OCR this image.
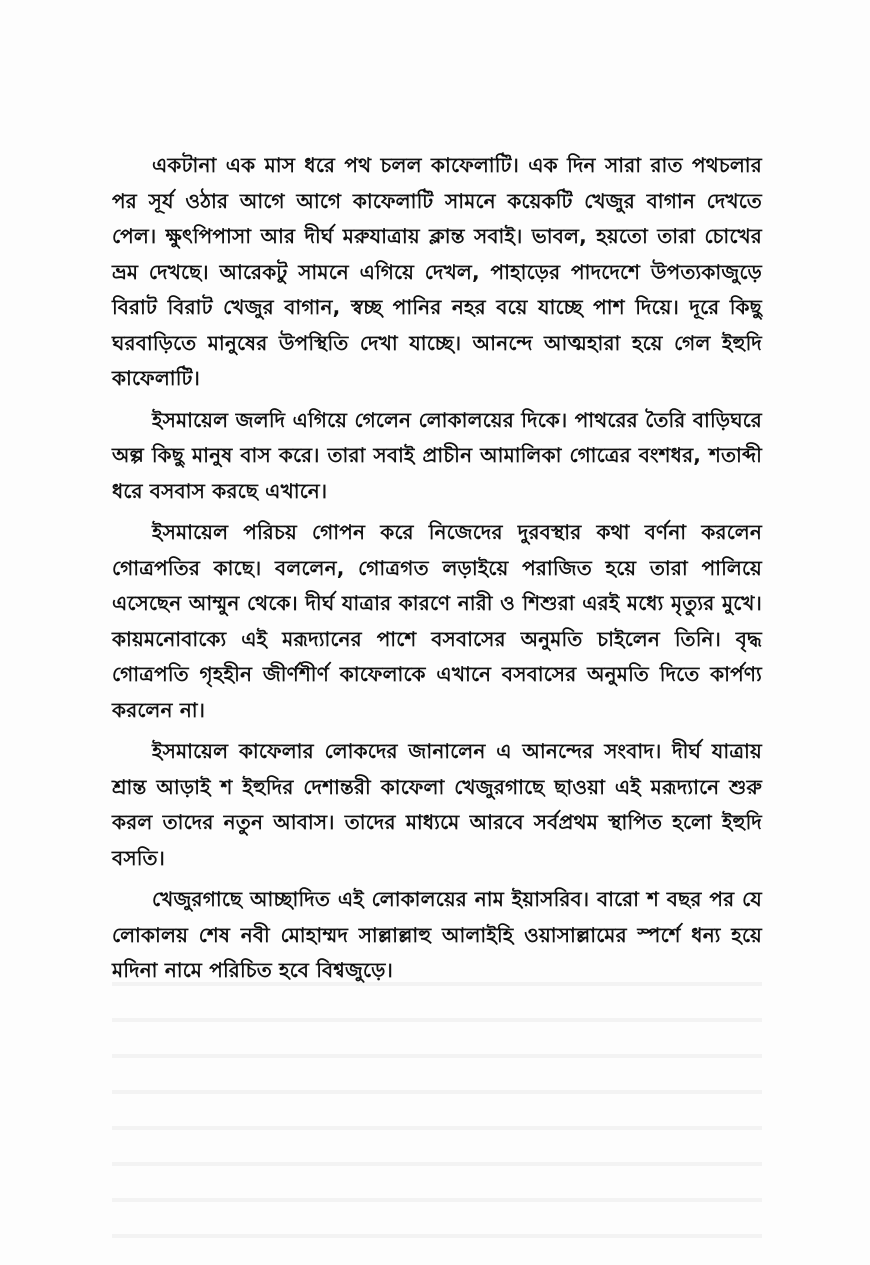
একটানা এক মাস ধরে পথ চলল কাফেলাটি। এক দিন সারা রাত পথচলার পর সূর্য ওঠার আগে আগে কাফেলাটি সামনে কয়েকটি খেজুর বাগান দেখতে পেল। ক্ষুৎপিপাসা আর দীর্ঘ মরুযাত্রায় ক্লান্ত সবাই। ভাবল, হয়তো তারা চোখের ভ্রম দেখছে। আরেকটু সামনে এগিয়ে দেখল, পাহাড়ের পাদদেশে উপত্যকাজুড়ে বিরাট বিরাট খেজুর বাগান, স্বচ্ছ পানির নহর বয়ে যাচ্ছে পাশ দিয়ে। দূরে কিছু ঘরবাড়িতে মানুষের উপস্থিতি দেখা যাচ্ছে। আনন্দে আত্মহারা হয়ে গেল ইহুদি কাফেলাটি।

ইসমায়েল জলদি এগিয়ে গেলেন লোকালয়ের দিকে। পাথরের তৈরি বাড়িঘরে অল্প কিছু মানুষ বাস করে। তারা সবাই প্রাচীন আমালিকা গোত্রের বংশধর, শতাব্দী ধরে বসবাস করছে এখানে।

ইসমায়েল পরিচয় গোপন করে নিজেদের দুরবস্থার কথা বর্ণনা করলেন গোত্রপতির কাছে। বললেন, গোত্রগত লড়াইয়ে পরাজিত হয়ে তারা পালিয়ে এসেছেন আম্মুন থেকে। দীর্ঘ যাত্রার কারণে নারী ও শিশুরা এরই মধ্যে মৃত্যুর মুখে। কায়মনোবাক্যে এই মরূদ্যানের পাশে বসবাসের অনুমতি চাইলেন তিনি। বৃদ্ধ গোত্রপতি গৃহহীন জীর্ণশীর্ণ কাফেলাকে এখানে বসবাসের অনুমতি দিতে কার্পণ্য করলেন না।

ইসমায়েল কাফেলার লোকদের জানালেন এ আনন্দের সংবাদ। দীর্ঘ যাত্রায় শ্রান্ত আড়াই শ ইহুদির দেশান্তরী কাফেলা খেজুরগাছে ছাওয়া এই মরূদ্যানে শুরু করল তাদের নতুন আবাস। তাদের মাধ্যমে আরবে সর্বপ্রথম স্থাপিত হলো ইহুদি বসতি।

খেজুরগাছে আচ্ছাদিত এই লোকালয়ের নাম ইয়াসরিব। বারো শ বছর পর যে লোকালয় শেষ নবী মোহাম্মদ সাল্লাল্লাহু আলাইহি ওয়াসাল্লামের স্পর্শে ধন্য হয়ে মদিনা নামে পরিচিত হবে বিশ্বজুড়ে।
